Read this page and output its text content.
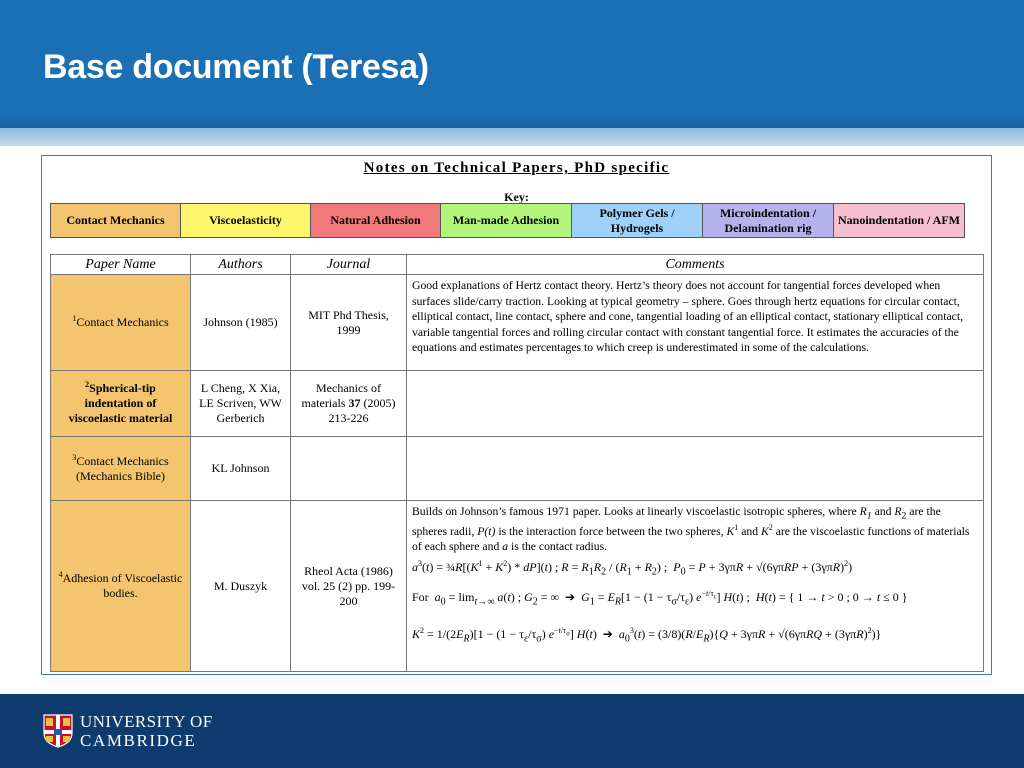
Base document (Teresa)
Notes on Technical Papers, PhD specific
Key:
Contact Mechanics	Viscoelasticity	Natural Adhesion	Man-made Adhesion
Polymer Gels / Hydrogels
Microindentation / Delamination rig
Nanoindentation / AFM
Paper Name	Authors	Journal	Comments
$^1$Contact Mechanics	Johnson (1985)	MIT Phd Thesis, 1999	Good explanations of Hertz contact theory. Hertz’s theory does not account for tangential forces developed when surfaces slide/carry traction. Looking at typical geometry – sphere. Goes through hertz equations for circular contact, elliptical contact, line contact, sphere and cone, tangential loading of an elliptical contact, stationary elliptical contact, variable tangential forces and rolling circular contact with constant tangential force. It estimates the accuracies of the equations and estimates percentages to which creep is underestimated in some of the calculations.
$^2$Spherical-tip indentation of viscoelastic material	L Cheng, X Xia, LE Scriven, WW Gerberich	Mechanics of materials 37 (2005) 213-226	
$^3$Contact Mechanics (Mechanics Bible)	KL Johnson		
$^4$Adhesion of Viscoelastic bodies.	M. Duszyk	Rheol Acta (1986) vol. 25 (2) pp. 199-200	Builds on Johnson’s famous 1971 paper. Looks at linearly viscoelastic isotropic spheres, where $R_1$ and $R_2$ are the spheres radii, P(t) is the interaction force between the two spheres, $K^1$ and $K^2$ are the viscoelastic functions of materials of each sphere and a is the contact radius.
$a^3(t)$ = $\frac{3}{4}R[(K^1 + K^2) * dP](t)$ ; $R = R_1R_2 / (R_1 + R_2)$ ;  $P_0 = P + 3\gamma\pi R + √(6\gamma\pi RP + (3\gamma\pi R)^2)$
For $a_0 = \lim_{t\to\infty} a(t)$ ; $G_2$ = ∞  ➔  $G_1 = E_R[1 - (1 - \tau_\sigma/\tau_\varepsilon)$ $e^{-t/\tau_\varepsilon}$] H(t) ;  H(t) = { 1 → t > 0 ; 0 → t ≤ 0 }
$K^2 = 1/(2E_R)[1 - (1 - \tau_\varepsilon/\tau_\sigma)$ $e^{-t/\tau_\sigma}$] H(t)  ➔  $a_0^3(t) = (3/8)(R/E_R)\{Q + 3\gamma\pi R + √(6\gamma\pi RQ + (3\gamma\pi R)^2)\}$
UNIVERSITY OF
CAMBRIDGE
